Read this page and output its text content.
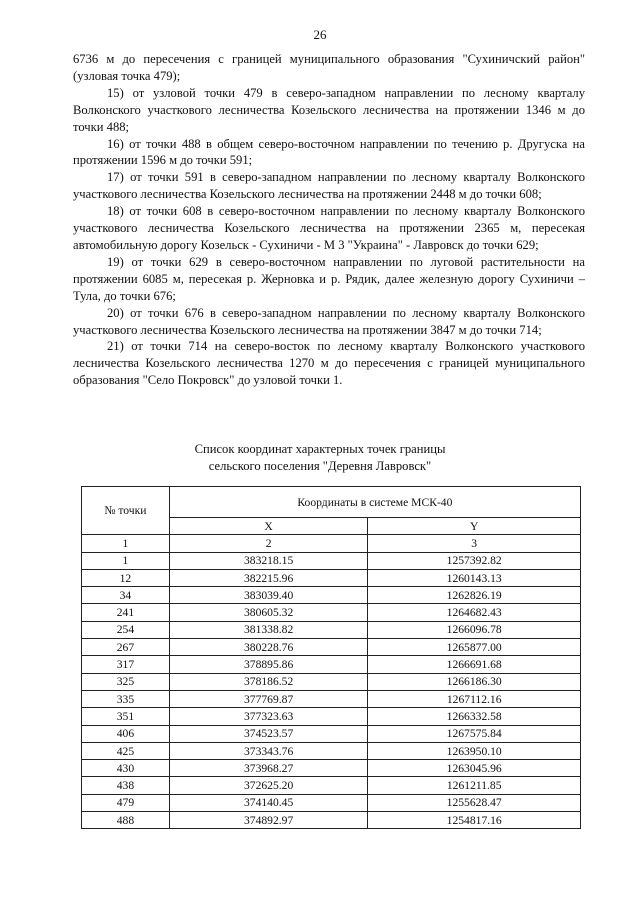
26

6736 м до пересечения с границей муниципального образования "Сухиничский район" (узловая точка 479);

15) от узловой точки 479 в северо-западном направлении по лесному кварталу Волконского участкового лесничества Козельского лесничества на протяжении 1346 м до точки 488;

16) от точки 488 в общем северо-восточном направлении по течению р. Другуска на протяжении 1596 м до точки 591;

17) от точки 591 в северо-западном направлении по лесному кварталу Волконского участкового лесничества Козельского лесничества на протяжении 2448 м до точки 608;

18) от точки 608 в северо-восточном направлении по лесному кварталу Волконского участкового лесничества Козельского лесничества на протяжении 2365 м, пересекая автомобильную дорогу Козельск - Сухиничи - М 3 "Украина" - Лавровск до точки 629;

19) от точки 629 в северо-восточном направлении по луговой растительности на протяжении 6085 м, пересекая р. Жерновка и р. Рядик, далее железную дорогу Сухиничи – Тула, до точки 676;

20) от точки 676 в северо-западном направлении по лесному кварталу Волконского участкового лесничества Козельского лесничества на протяжении 3847 м до точки 714;

21) от точки 714 на северо-восток по лесному кварталу Волконского участкового лесничества Козельского лесничества 1270 м до пересечения с границей муниципального образования "Село Покровск" до узловой точки 1.

Список координат характерных точек границы
сельского поселения "Деревня Лавровск"
№ точки	Координаты в системе МСК-40	
	X	Y
1	2	3
1	383218.15	1257392.82
12	382215.96	1260143.13
34	383039.40	1262826.19
241	380605.32	1264682.43
254	381338.82	1266096.78
267	380228.76	1265877.00
317	378895.86	1266691.68
325	378186.52	1266186.30
335	377769.87	1267112.16
351	377323.63	1266332.58
406	374523.57	1267575.84
425	373343.76	1263950.10
430	373968.27	1263045.96
438	372625.20	1261211.85
479	374140.45	1255628.47
488	374892.97	1254817.16
